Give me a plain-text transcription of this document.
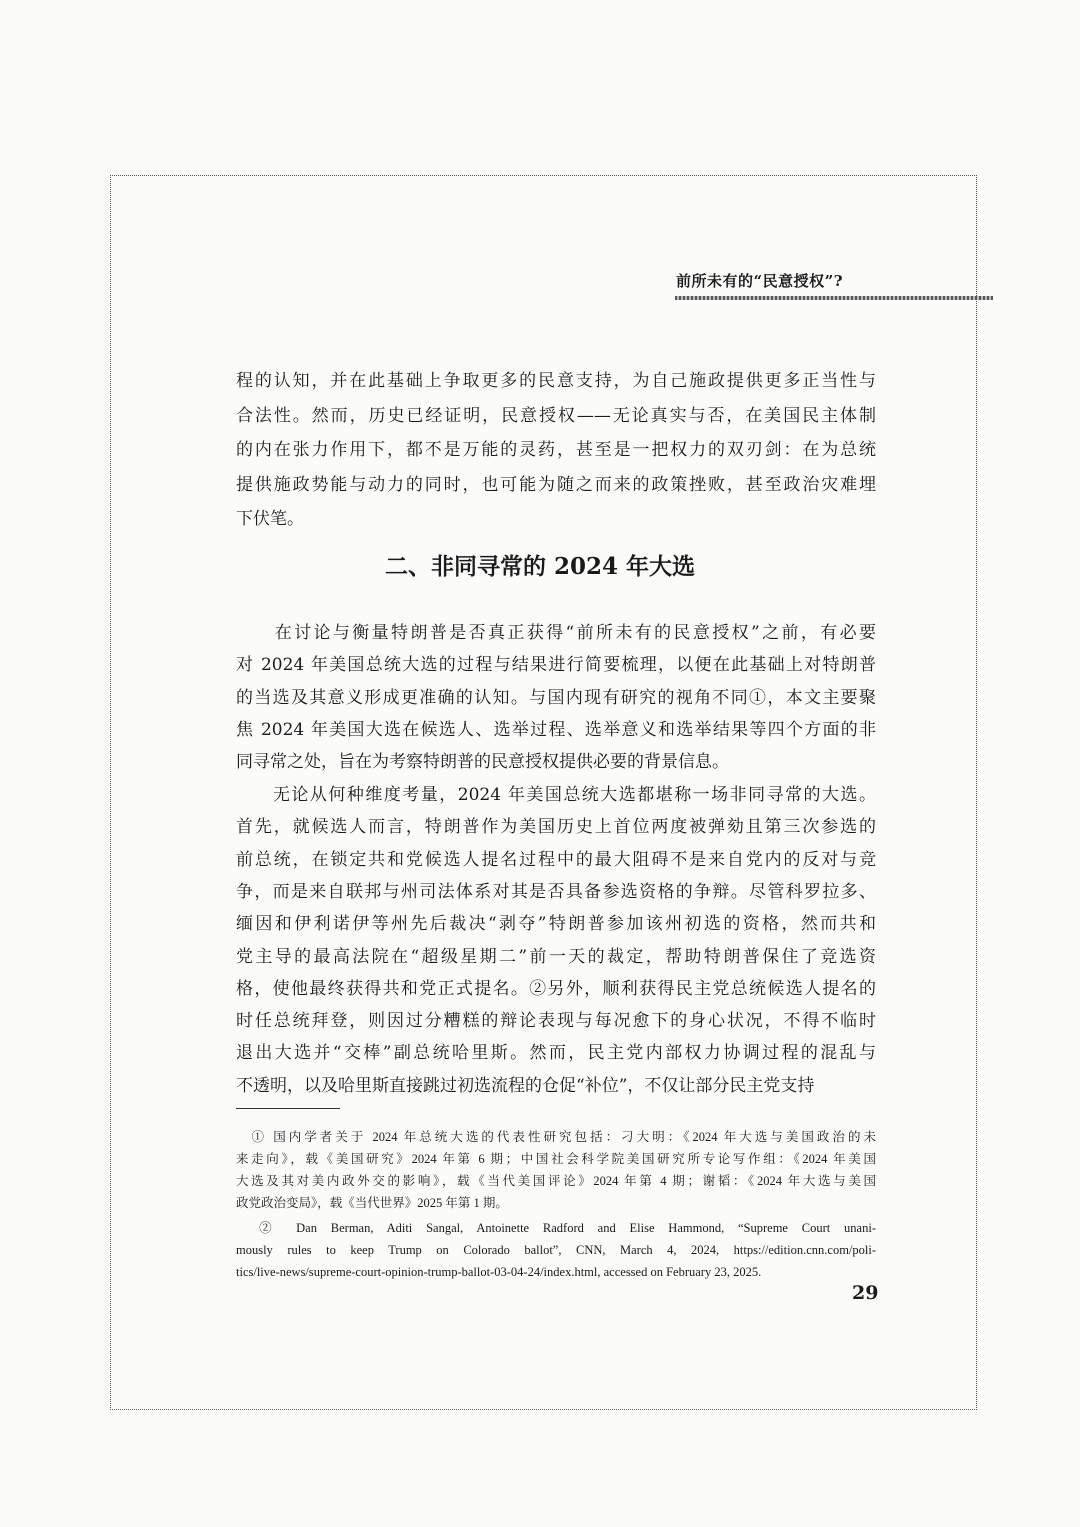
前所未有的“民意授权”?
程的认知，并在此基础上争取更多的民意支持，为自己施政提供更多正当性与
合法性。然而，历史已经证明，民意授权——无论真实与否，在美国民主体制
的内在张力作用下，都不是万能的灵药，甚至是一把权力的双刃剑：在为总统
提供施政势能与动力的同时，也可能为随之而来的政策挫败，甚至政治灾难埋
下伏笔。
　　在讨论与衡量特朗普是否真正获得“前所未有的民意授权”之前，有必要
对 2024 年美国总统大选的过程与结果进行简要梳理，以便在此基础上对特朗普
的当选及其意义形成更准确的认知。与国内现有研究的视角不同①，本文主要聚
焦 2024 年美国大选在候选人、选举过程、选举意义和选举结果等四个方面的非
同寻常之处，旨在为考察特朗普的民意授权提供必要的背景信息。
　　无论从何种维度考量，2024 年美国总统大选都堪称一场非同寻常的大选。
首先，就候选人而言，特朗普作为美国历史上首位两度被弹劾且第三次参选的
前总统，在锁定共和党候选人提名过程中的最大阻碍不是来自党内的反对与竞
争，而是来自联邦与州司法体系对其是否具备参选资格的争辩。尽管科罗拉多、
缅因和伊利诺伊等州先后裁决“剥夺”特朗普参加该州初选的资格，然而共和
党主导的最高法院在“超级星期二”前一天的裁定，帮助特朗普保住了竞选资
格，使他最终获得共和党正式提名。②另外，顺利获得民主党总统候选人提名的
时任总统拜登，则因过分糟糕的辩论表现与每况愈下的身心状况，不得不临时
退出大选并“交棒”副总统哈里斯。然而，民主党内部权力协调过程的混乱与
不透明，以及哈里斯直接跳过初选流程的仓促“补位”，不仅让部分民主党支持
二、非同寻常的 2024 年大选
　① 国内学者关于 2024 年总统大选的代表性研究包括：刁大明：《2024 年大选与美国政治的未
来走向》，载《美国研究》2024 年第 6 期；中国社会科学院美国研究所专论写作组：《2024 年美国
大选及其对美内政外交的影响》，载《当代美国评论》2024 年第 4 期；谢韬：《2024 年大选与美国
政党政治变局》，载《当代世界》2025 年第 1 期。
　② Dan Berman, Aditi Sangal, Antoinette Radford and Elise Hammond, “Supreme Court unani-
mously rules to keep Trump on Colorado ballot”, CNN, March 4, 2024, https://edition.cnn.com/poli-
tics/live-news/supreme-court-opinion-trump-ballot-03-04-24/index.html, accessed on February 23, 2025.
29
